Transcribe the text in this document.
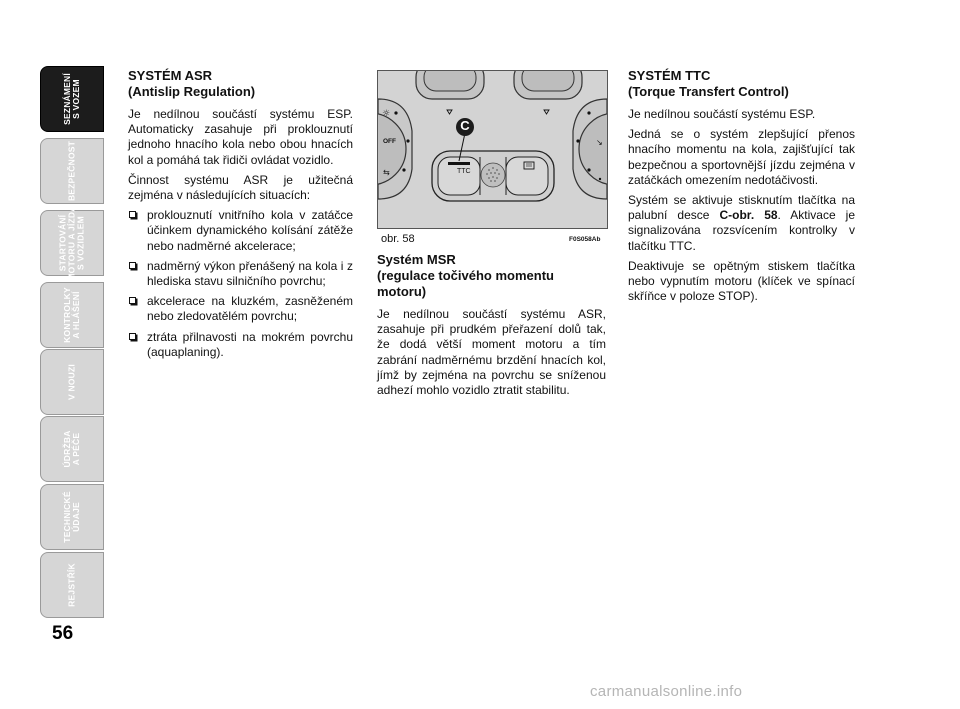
SEZNÁMENÍ
S VOZEM
BEZPEČNOST
STARTOVÁNÍ
MOTORU A JÍZDA
S VOZIDLEM
KONTROLKY
A HLÁŠENÍ
V NOUZI
ÚDRŽBA
A PÉČE
TECHNICKÉ
ÚDAJE
REJSTŘÍK
56
SYSTÉM ASR
(Antislip Regulation)

Je nedílnou součástí systému ESP. Automaticky zasahuje při proklouznutí jednoho hnacího kola nebo obou hnacích kol a pomáhá tak řidiči ovládat vozidlo.

Činnost systému ASR je užitečná zejména v následujících situacích:

proklouznutí vnitřního kola v zatáčce účinkem dynamického kolísání zátěže nebo nadměrné akcelerace;
nadměrný výkon přenášený na kola i z hlediska stavu silničního povrchu;
akcelerace na kluzkém, zasněženém nebo zledovatělém povrchu;
ztráta přilnavosti na mokrém povrchu (aquaplaning).
☼
⇆
↘
C
TTC
OFF
obr. 58	F0S058Ab
Systém MSR
(regulace točivého momentu
motoru)

Je nedílnou součástí systému ASR, zasahuje při prudkém přeřazení dolů tak, že dodá větší moment motoru a tím zabrání nadměrnému brzdění hnacích kol, jímž by zejména na povrchu se sníženou adhezí mohlo vozidlo ztratit stabilitu.

SYSTÉM TTC
(Torque Transfert Control)

Je nedílnou součástí systému ESP.

Jedná se o systém zlepšující přenos hnacího momentu na kola, zajišťující tak bezpečnou a sportovnější jízdu zejména v zatáčkách omezením nedotáčivosti.

Systém se aktivuje stisknutím tlačítka na palubní desce C-obr. 58. Aktivace je signalizována rozsvícením kontrolky v tlačítku TTC.

Deaktivuje se opětným stiskem tlačítka nebo vypnutím motoru (klíček ve spínací skříňce v poloze STOP).

carmanualsonline.info
